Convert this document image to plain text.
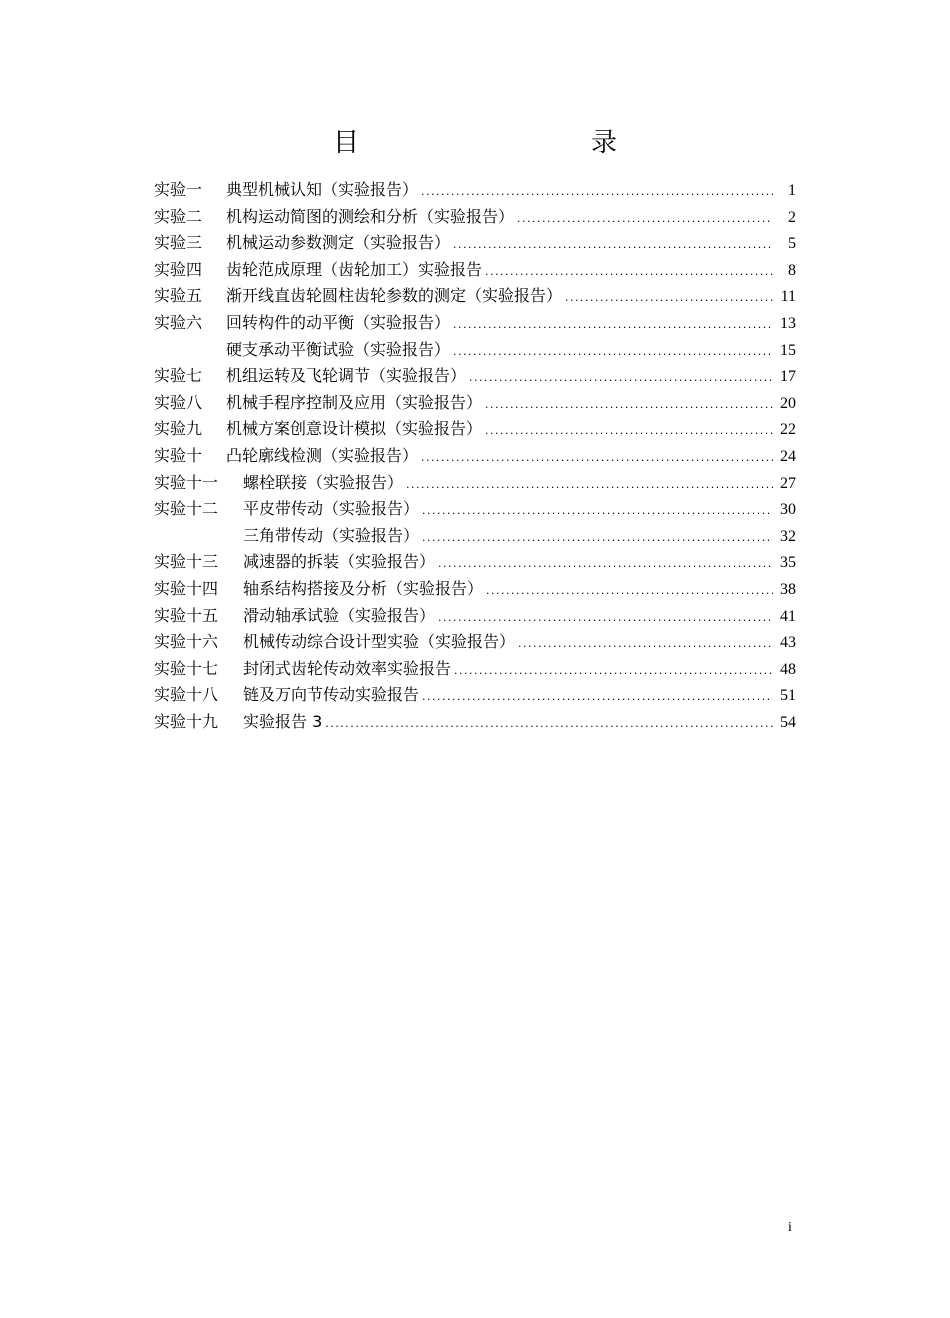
目　　录
实验一	典型机械认知（实验报告） .....	1
实验二	机构运动简图的测绘和分析（实验报告） .....	2
实验三	机械运动参数测定（实验报告） .....	5
实验四	齿轮范成原理（齿轮加工）实验报告 .....	8
实验五	渐开线直齿轮圆柱齿轮参数的测定（实验报告） .....	11
实验六	回转构件的动平衡（实验报告） .....	13
硬支承动平衡试验（实验报告） .....	15
实验七	机组运转及飞轮调节（实验报告） .....	17
实验八	机械手程序控制及应用（实验报告） .....	20
实验九	机械方案创意设计模拟（实验报告） .....	22
实验十	凸轮廓线检测（实验报告） .....	24
实验十一	螺栓联接（实验报告） .....	27
实验十二	平皮带传动（实验报告） .....	30
三角带传动（实验报告） .....	32
实验十三	减速器的拆装（实验报告） .....	35
实验十四	轴系结构搭接及分析（实验报告） .....	38
实验十五	滑动轴承试验（实验报告） .....	41
实验十六	机械传动综合设计型实验（实验报告） .....	43
实验十七	封闭式齿轮传动效率实验报告 .....	48
实验十八	链及万向节传动实验报告 .....	51
实验十九	实验报告 3 .....	54
i
